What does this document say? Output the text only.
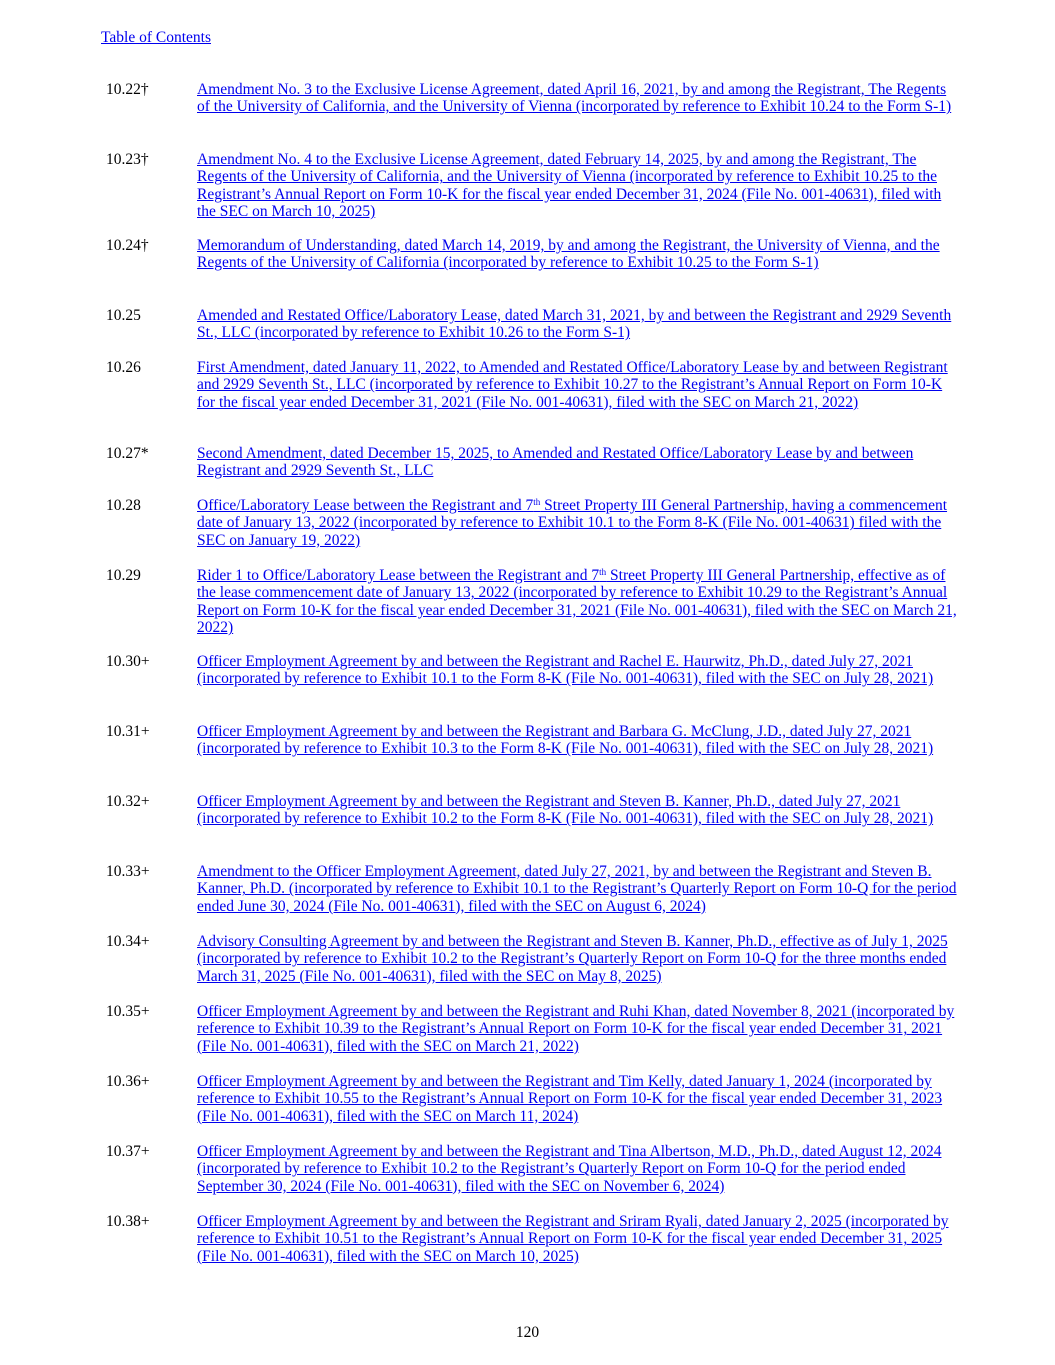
Table of Contents
10.22†	Amendment No. 3 to the Exclusive License Agreement, dated April 16, 2021, by and among the Registrant, The Regents of the University of California, and the University of Vienna (incorporated by reference to Exhibit 10.24 to the Form S-1)
10.23†	Amendment No. 4 to the Exclusive License Agreement, dated February 14, 2025, by and among the Registrant, The Regents of the University of California, and the University of Vienna (incorporated by reference to Exhibit 10.25 to the Registrant’s Annual Report on Form 10-K for the fiscal year ended December 31, 2024 (File No. 001-40631), filed with the SEC on March 10, 2025)
10.24†	Memorandum of Understanding, dated March 14, 2019, by and among the Registrant, the University of Vienna, and the Regents of the University of California (incorporated by reference to Exhibit 10.25 to the Form S-1)
10.25	Amended and Restated Office/Laboratory Lease, dated March 31, 2021, by and between the Registrant and 2929 Seventh St., LLC (incorporated by reference to Exhibit 10.26 to the Form S-1)
10.26	First Amendment, dated January 11, 2022, to Amended and Restated Office/Laboratory Lease by and between Registrant and 2929 Seventh St., LLC (incorporated by reference to Exhibit 10.27 to the Registrant’s Annual Report on Form 10-K for the fiscal year ended December 31, 2021 (File No. 001-40631), filed with the SEC on March 21, 2022)
10.27*	Second Amendment, dated December 15, 2025, to Amended and Restated Office/Laboratory Lease by and between Registrant and 2929 Seventh St., LLC
10.28	Office/Laboratory Lease between the Registrant and 7th Street Property III General Partnership, having a commencement date of January 13, 2022 (incorporated by reference to Exhibit 10.1 to the Form 8-K (File No. 001-40631) filed with the SEC on January 19, 2022)
10.29	Rider 1 to Office/Laboratory Lease between the Registrant and 7th Street Property III General Partnership, effective as of the lease commencement date of January 13, 2022 (incorporated by reference to Exhibit 10.29 to the Registrant’s Annual Report on Form 10-K for the fiscal year ended December 31, 2021 (File No. 001-40631), filed with the SEC on March 21, 2022)
10.30+	Officer Employment Agreement by and between the Registrant and Rachel E. Haurwitz, Ph.D., dated July 27, 2021 (incorporated by reference to Exhibit 10.1 to the Form 8-K (File No. 001-40631), filed with the SEC on July 28, 2021)
10.31+	Officer Employment Agreement by and between the Registrant and Barbara G. McClung, J.D., dated July 27, 2021 (incorporated by reference to Exhibit 10.3 to the Form 8-K (File No. 001-40631), filed with the SEC on July 28, 2021)
10.32+	Officer Employment Agreement by and between the Registrant and Steven B. Kanner, Ph.D., dated July 27, 2021 (incorporated by reference to Exhibit 10.2 to the Form 8-K (File No. 001-40631), filed with the SEC on July 28, 2021)
10.33+	Amendment to the Officer Employment Agreement, dated July 27, 2021, by and between the Registrant and Steven B. Kanner, Ph.D. (incorporated by reference to Exhibit 10.1 to the Registrant’s Quarterly Report on Form 10-Q for the period ended June 30, 2024 (File No. 001-40631), filed with the SEC on August 6, 2024)
10.34+	Advisory Consulting Agreement by and between the Registrant and Steven B. Kanner, Ph.D., effective as of July 1, 2025 (incorporated by reference to Exhibit 10.2 to the Registrant’s Quarterly Report on Form 10-Q for the three months ended March 31, 2025 (File No. 001-40631), filed with the SEC on May 8, 2025)
10.35+	Officer Employment Agreement by and between the Registrant and Ruhi Khan, dated November 8, 2021 (incorporated by reference to Exhibit 10.39 to the Registrant’s Annual Report on Form 10-K for the fiscal year ended December 31, 2021 (File No. 001-40631), filed with the SEC on March 21, 2022)
10.36+	Officer Employment Agreement by and between the Registrant and Tim Kelly, dated January 1, 2024 (incorporated by reference to Exhibit 10.55 to the Registrant’s Annual Report on Form 10-K for the fiscal year ended December 31, 2023 (File No. 001-40631), filed with the SEC on March 11, 2024)
10.37+	Officer Employment Agreement by and between the Registrant and Tina Albertson, M.D., Ph.D., dated August 12, 2024 (incorporated by reference to Exhibit 10.2 to the Registrant’s Quarterly Report on Form 10-Q for the period ended September 30, 2024 (File No. 001-40631), filed with the SEC on November 6, 2024)
10.38+	Officer Employment Agreement by and between the Registrant and Sriram Ryali, dated January 2, 2025 (incorporated by reference to Exhibit 10.51 to the Registrant’s Annual Report on Form 10-K for the fiscal year ended December 31, 2025 (File No. 001-40631), filed with the SEC on March 10, 2025)
120
